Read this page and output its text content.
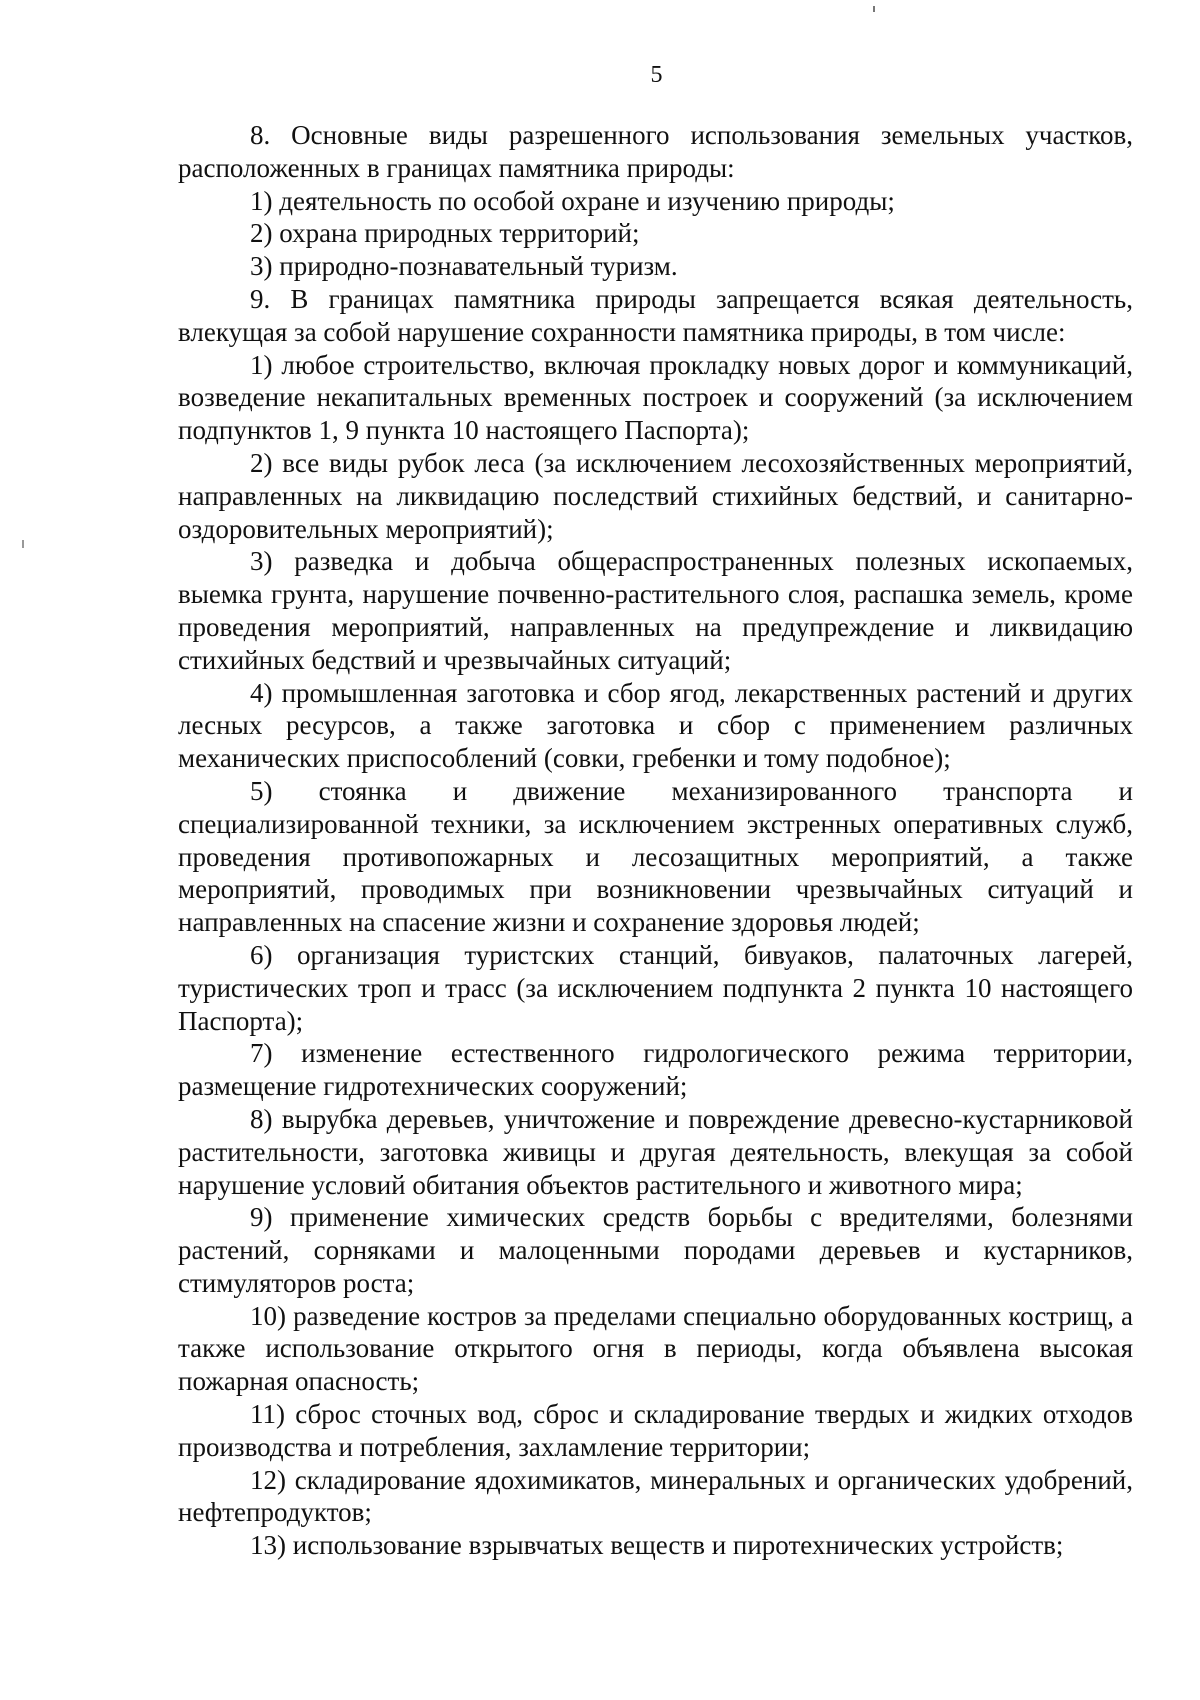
5

8. Основные виды разрешенного использования земельных участков, расположенных в границах памятника природы:

1) деятельность по особой охране и изучению природы;

2) охрана природных территорий;

3) природно-познавательный туризм.

9. В границах памятника природы запрещается всякая деятельность, влекущая за собой нарушение сохранности памятника природы, в том числе:

1) любое строительство, включая прокладку новых дорог и коммуникаций, возведение некапитальных временных построек и сооружений (за исключением подпунктов 1, 9 пункта 10 настоящего Паспорта);

2) все виды рубок леса (за исключением лесохозяйственных мероприятий, направленных на ликвидацию последствий стихийных бедствий, и санитарно-оздоровительных мероприятий);

3) разведка и добыча общераспространенных полезных ископаемых, выемка грунта, нарушение почвенно-растительного слоя, распашка земель, кроме проведения мероприятий, направленных на предупреждение и ликвидацию стихийных бедствий и чрезвычайных ситуаций;

4) промышленная заготовка и сбор ягод, лекарственных растений и других лесных ресурсов, а также заготовка и сбор с применением различных механических приспособлений (совки, гребенки и тому подобное);

5) стоянка и движение механизированного транспорта и специализированной техники, за исключением экстренных оперативных служб, проведения противопожарных и лесозащитных мероприятий, а также мероприятий, проводимых при возникновении чрезвычайных ситуаций и направленных на спасение жизни и сохранение здоровья людей;

6) организация туристских станций, бивуаков, палаточных лагерей, туристических троп и трасс (за исключением подпункта 2 пункта 10 настоящего Паспорта);

7) изменение естественного гидрологического режима территории, размещение гидротехнических сооружений;

8) вырубка деревьев, уничтожение и повреждение древесно-кустарниковой растительности, заготовка живицы и другая деятельность, влекущая за собой нарушение условий обитания объектов растительного и животного мира;

9) применение химических средств борьбы с вредителями, болезнями растений, сорняками и малоценными породами деревьев и кустарников, стимуляторов роста;

10) разведение костров за пределами специально оборудованных кострищ, а также использование открытого огня в периоды, когда объявлена высокая пожарная опасность;

11) сброс сточных вод, сброс и складирование твердых и жидких отходов производства и потребления, захламление территории;

12) складирование ядохимикатов, минеральных и органических удобрений, нефтепродуктов;

13) использование взрывчатых веществ и пиротехнических устройств;
